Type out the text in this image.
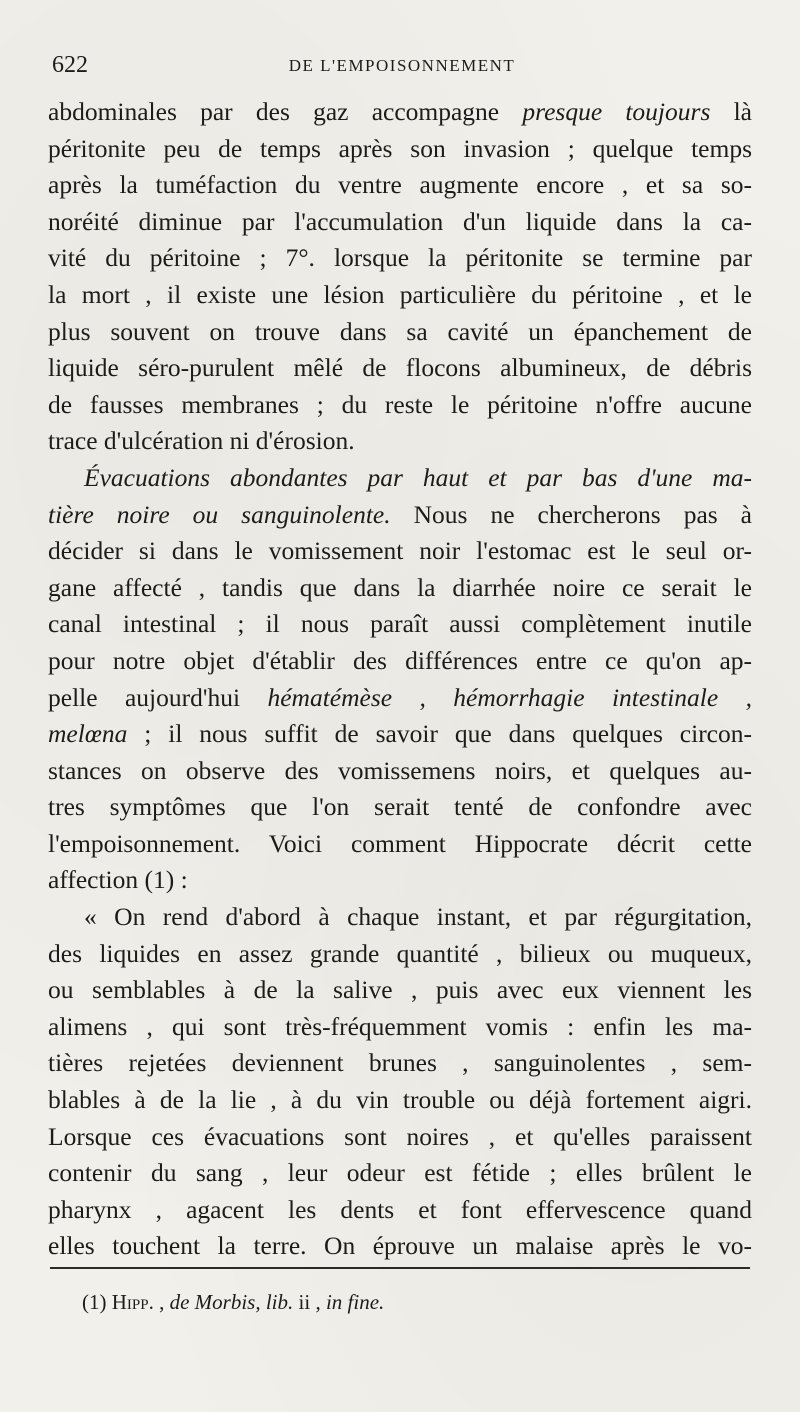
622	DE L'EMPOISONNEMENT
abdominales par des gaz accompagne presque toujours là
péritonite peu de temps après son invasion ; quelque temps
après la tuméfaction du ventre augmente encore , et sa so-
noréité diminue par l'accumulation d'un liquide dans la ca-
vité du péritoine ; 7°. lorsque la péritonite se termine par
la mort , il existe une lésion particulière du péritoine , et le
plus souvent on trouve dans sa cavité un épanchement de
liquide séro-purulent mêlé de flocons albumineux, de débris
de fausses membranes ; du reste le péritoine n'offre aucune
trace d'ulcération ni d'érosion.
Évacuations abondantes par haut et par bas d'une ma-
tière noire ou sanguinolente. Nous ne chercherons pas à
décider si dans le vomissement noir l'estomac est le seul or-
gane affecté , tandis que dans la diarrhée noire ce serait le
canal intestinal ; il nous paraît aussi complètement inutile
pour notre objet d'établir des différences entre ce qu'on ap-
pelle aujourd'hui hématémèse , hémorrhagie intestinale ,
melœna ; il nous suffit de savoir que dans quelques circon-
stances on observe des vomissemens noirs, et quelques au-
tres symptômes que l'on serait tenté de confondre avec
l'empoisonnement. Voici comment Hippocrate décrit cette
affection (1) :
« On rend d'abord à chaque instant, et par régurgitation,
des liquides en assez grande quantité , bilieux ou muqueux,
ou semblables à de la salive , puis avec eux viennent les
alimens , qui sont très-fréquemment vomis : enfin les ma-
tières rejetées deviennent brunes , sanguinolentes , sem-
blables à de la lie , à du vin trouble ou déjà fortement aigri.
Lorsque ces évacuations sont noires , et qu'elles paraissent
contenir du sang , leur odeur est fétide ; elles brûlent le
pharynx , agacent les dents et font effervescence quand
elles touchent la terre. On éprouve un malaise après le vo-
(1) Hipp. , de Morbis, lib. ii , in fine.
